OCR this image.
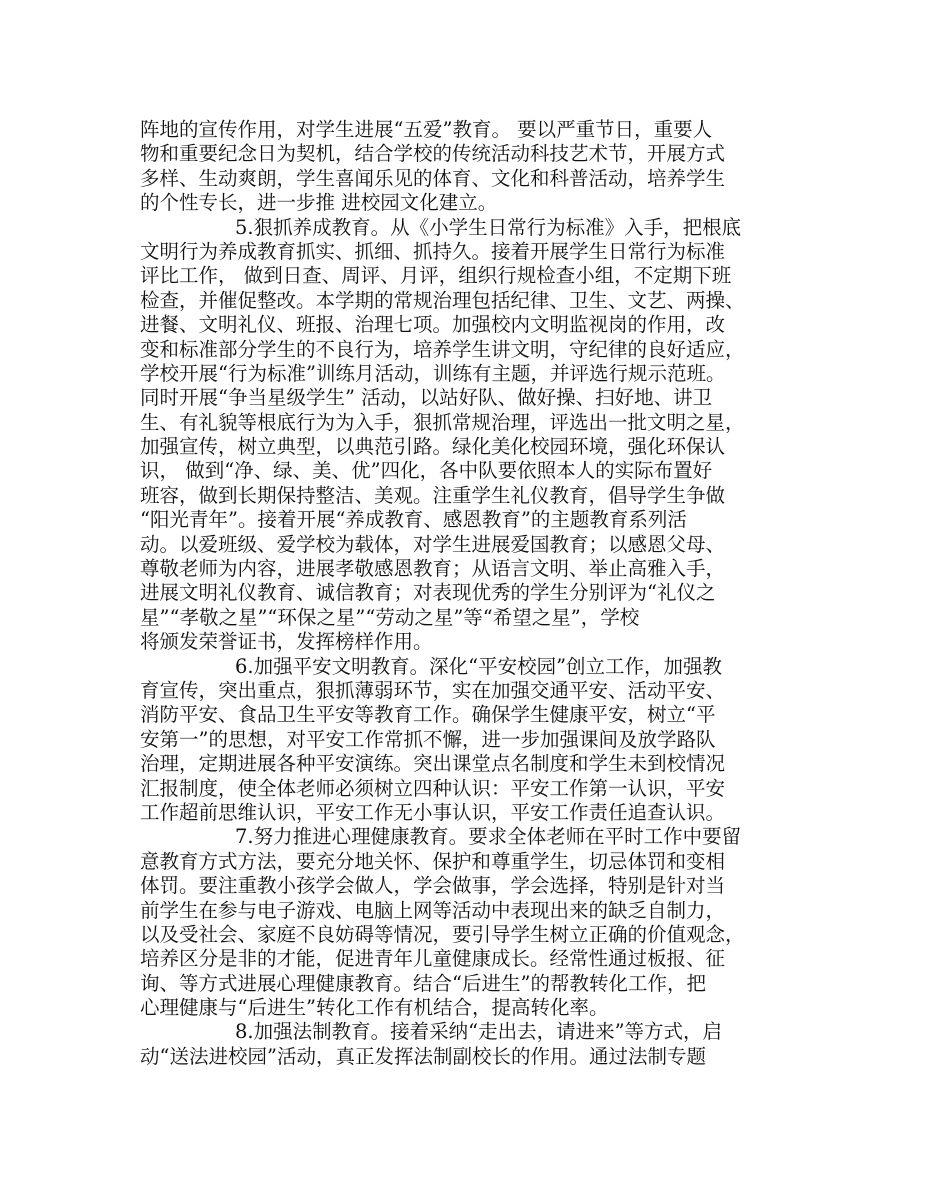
阵地的宣传作用，对学生进展“五爱”教育。 要以严重节日，重要人
物和重要纪念日为契机，结合学校的传统活动科技艺术节，开展方式
多样、生动爽朗，学生喜闻乐见的体育、文化和科普活动，培养学生
的个性专长，进一步推 进校园文化建立。
5.狠抓养成教育。从《小学生日常行为标准》入手，把根底
文明行为养成教育抓实、抓细、抓持久。接着开展学生日常行为标准
评比工作， 做到日查、周评、月评，组织行规检查小组，不定期下班
检查，并催促整改。本学期的常规治理包括纪律、卫生、文艺、两操、
进餐、文明礼仪、班报、治理七项。加强校内文明监视岗的作用，改
变和标准部分学生的不良行为，培养学生讲文明，守纪律的良好适应，
学校开展“行为标准”训练月活动，训练有主题，并评选行规示范班。
同时开展“争当星级学生” 活动，以站好队、做好操、扫好地、讲卫
生、有礼貌等根底行为为入手，狠抓常规治理，评选出一批文明之星，
加强宣传，树立典型，以典范引路。绿化美化校园环境，强化环保认
识， 做到“净、绿、美、优”四化，各中队要依照本人的实际布置好
班容，做到长期保持整洁、美观。注重学生礼仪教育，倡导学生争做
“阳光青年”。接着开展“养成教育、感恩教育”的主题教育系列活
动。以爱班级、爱学校为载体，对学生进展爱国教育；以感恩父母、
尊敬老师为内容，进展孝敬感恩教育；从语言文明、举止高雅入手，
进展文明礼仪教育、诚信教育；对表现优秀的学生分别评为“礼仪之
星”“孝敬之星”“环保之星”“劳动之星”等“希望之星”，学校
将颁发荣誉证书，发挥榜样作用。
6.加强平安文明教育。深化“平安校园”创立工作，加强教
育宣传，突出重点，狠抓薄弱环节，实在加强交通平安、活动平安、
消防平安、食品卫生平安等教育工作。确保学生健康平安，树立“平
安第一”的思想，对平安工作常抓不懈，进一步加强课间及放学路队
治理，定期进展各种平安演练。突出课堂点名制度和学生未到校情况
汇报制度，使全体老师必须树立四种认识：平安工作第一认识，平安
工作超前思维认识，平安工作无小事认识，平安工作责任追查认识。
7.努力推进心理健康教育。要求全体老师在平时工作中要留
意教育方式方法，要充分地关怀、保护和尊重学生，切忌体罚和变相
体罚。要注重教小孩学会做人，学会做事，学会选择，特别是针对当
前学生在参与电子游戏、电脑上网等活动中表现出来的缺乏自制力，
以及受社会、家庭不良妨碍等情况，要引导学生树立正确的价值观念，
培养区分是非的才能，促进青年儿童健康成长。经常性通过板报、征
询、等方式进展心理健康教育。结合“后进生”的帮教转化工作，把
心理健康与“后进生”转化工作有机结合，提高转化率。
8.加强法制教育。接着采纳“走出去，请进来”等方式，启
动“送法进校园”活动，真正发挥法制副校长的作用。通过法制专题
